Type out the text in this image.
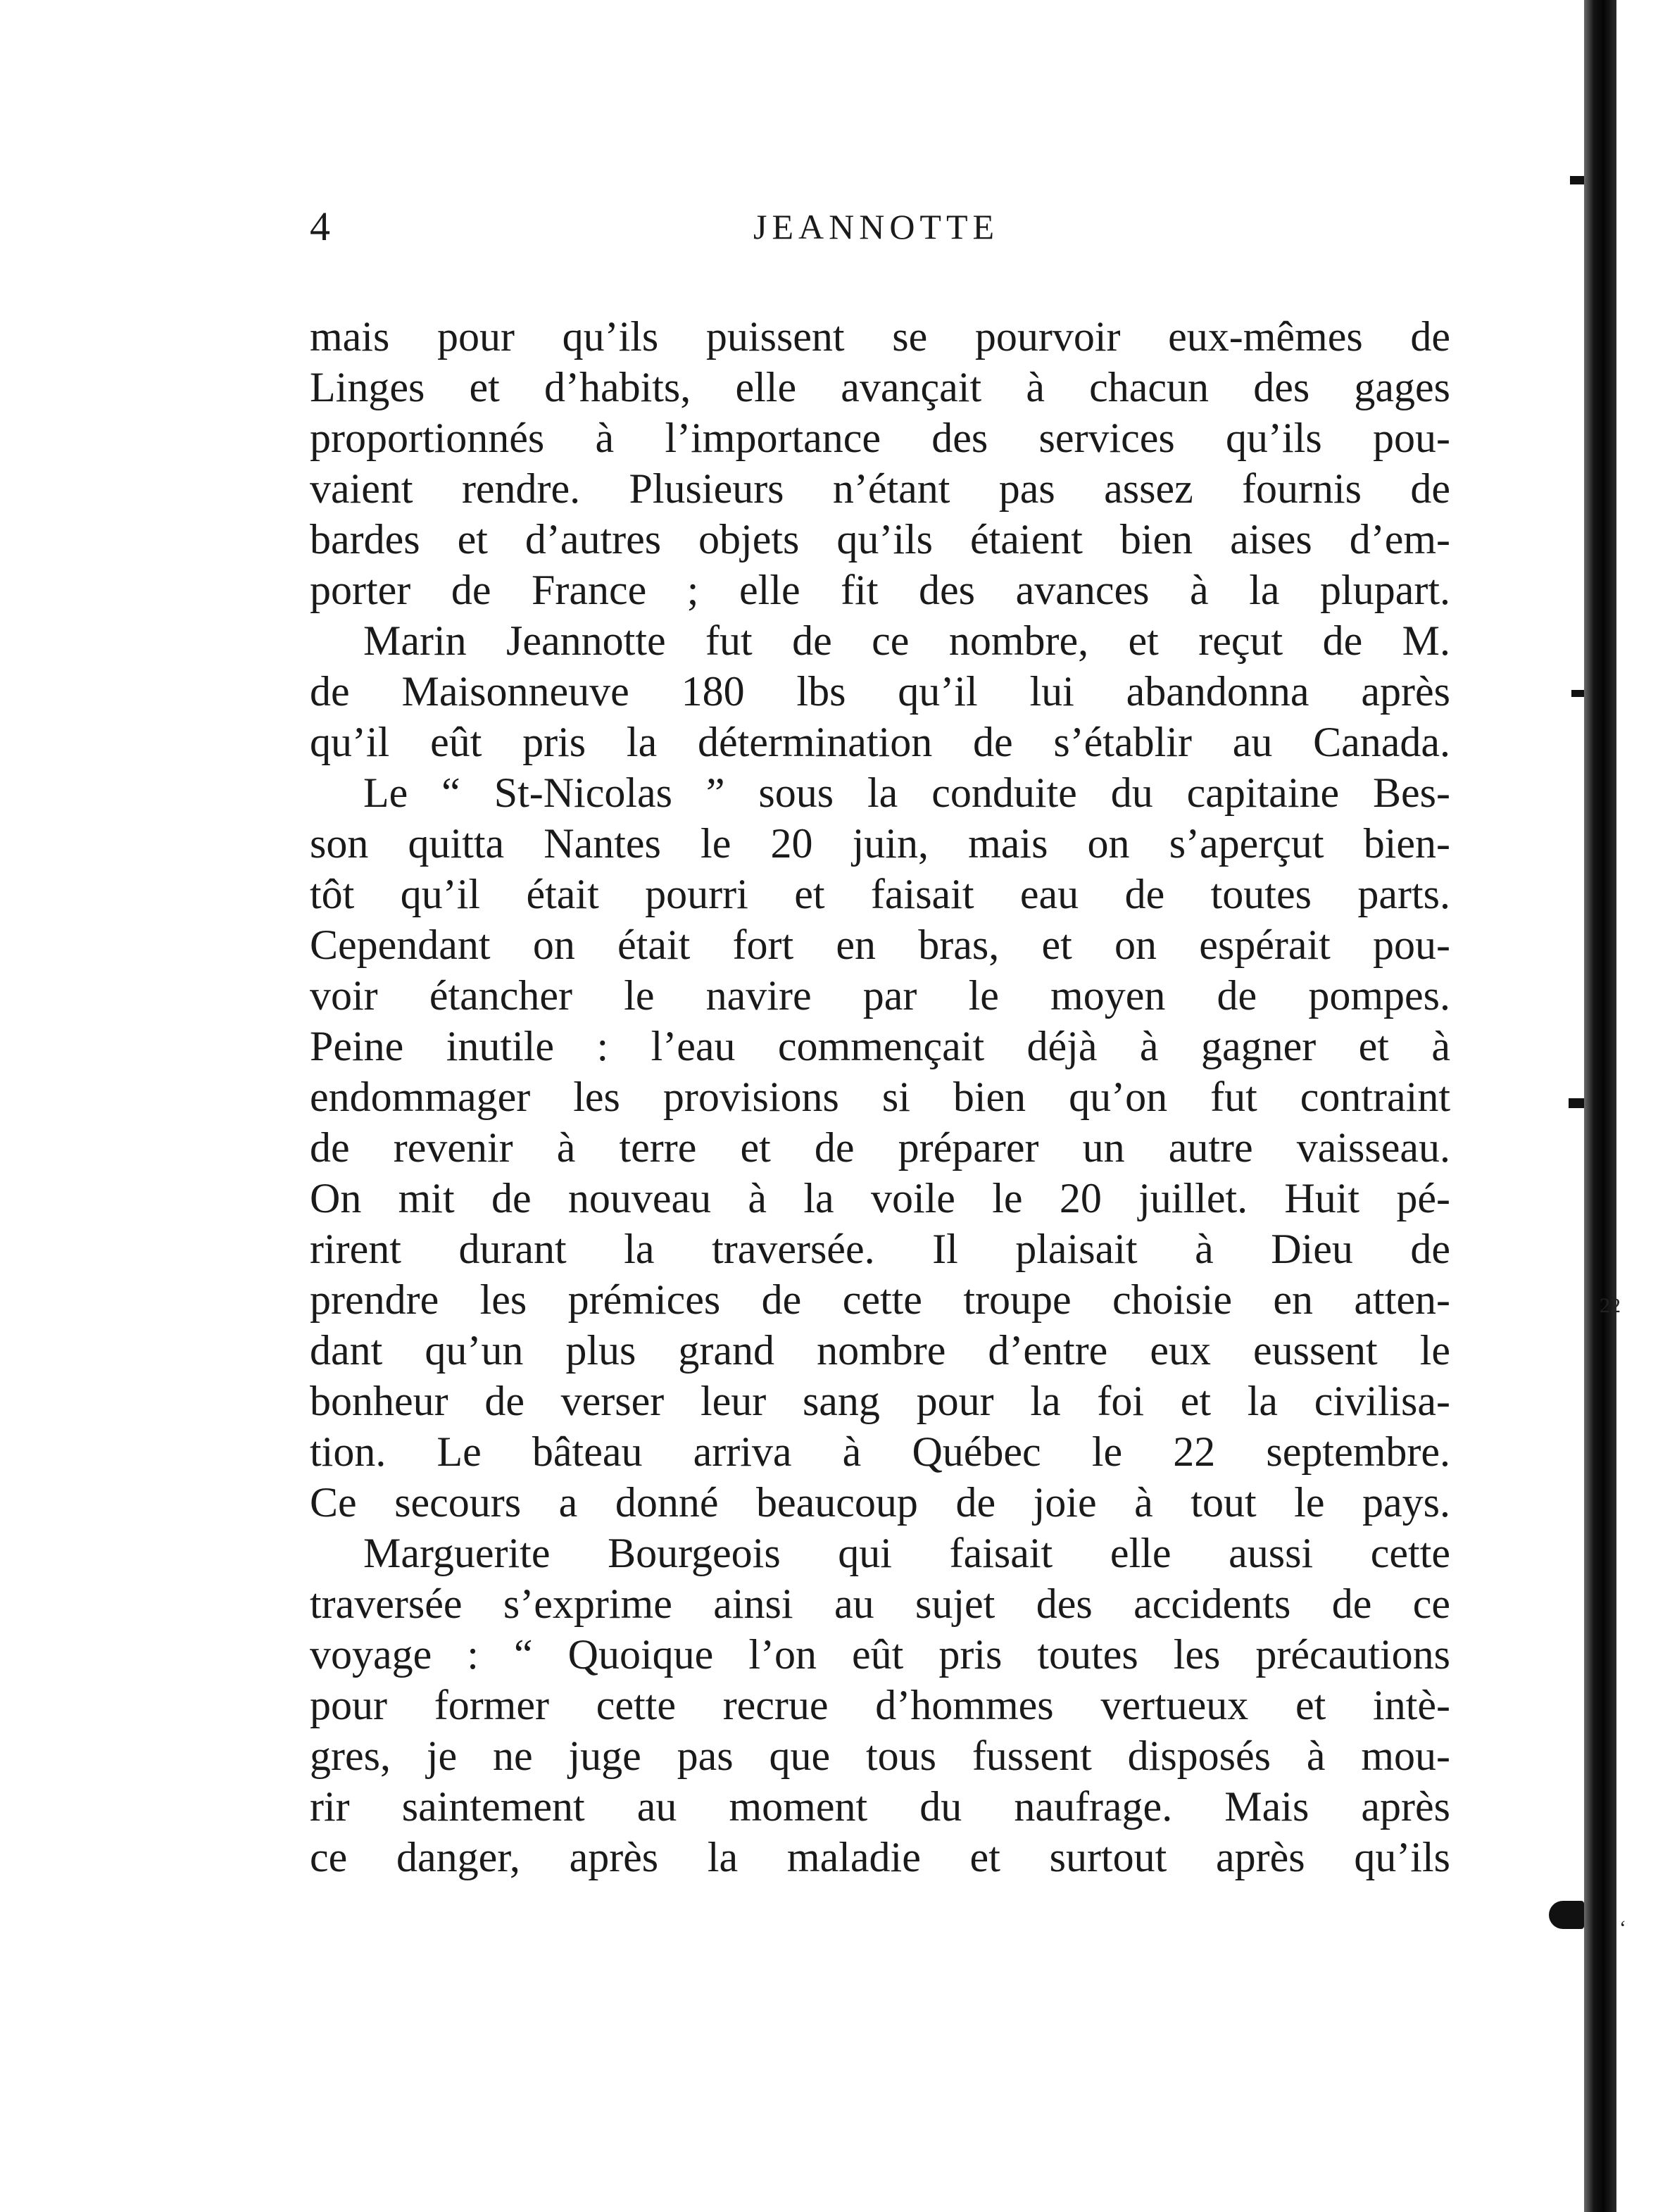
4	JEANNOTTE
mais pour qu’ils puissent se pourvoir eux-mêmes de
Linges et d’habits, elle avançait à chacun des gages
proportionnés à l’importance des services qu’ils pou-
vaient rendre. Plusieurs n’étant pas assez fournis de
bardes et d’autres objets qu’ils étaient bien aises d’em-
porter de France ; elle fit des avances à la plupart.
Marin Jeannotte fut de ce nombre, et reçut de M.
de Maisonneuve 180 lbs qu’il lui abandonna après
qu’il eût pris la détermination de s’établir au Canada.
Le “ St-Nicolas ” sous la conduite du capitaine Bes-
son quitta Nantes le 20 juin, mais on s’aperçut bien-
tôt qu’il était pourri et faisait eau de toutes parts.
Cependant on était fort en bras, et on espérait pou-
voir étancher le navire par le moyen de pompes.
Peine inutile : l’eau commençait déjà à gagner et à
endommager les provisions si bien qu’on fut contraint
de revenir à terre et de préparer un autre vaisseau.
On mit de nouveau à la voile le 20 juillet. Huit pé-
rirent durant la traversée. Il plaisait à Dieu de
prendre les prémices de cette troupe choisie en atten-
dant qu’un plus grand nombre d’entre eux eussent le
bonheur de verser leur sang pour la foi et la civilisa-
tion. Le bâteau arriva à Québec le 22 septembre.
Ce secours a donné beaucoup de joie à tout le pays.
Marguerite Bourgeois qui faisait elle aussi cette
traversée s’exprime ainsi au sujet des accidents de ce
voyage : “ Quoique l’on eût pris toutes les précautions
pour former cette recrue d’hommes vertueux et intè-
gres, je ne juge pas que tous fussent disposés à mou-
rir saintement au moment du naufrage. Mais après
ce danger, après la maladie et surtout après qu’ils
22
‘
